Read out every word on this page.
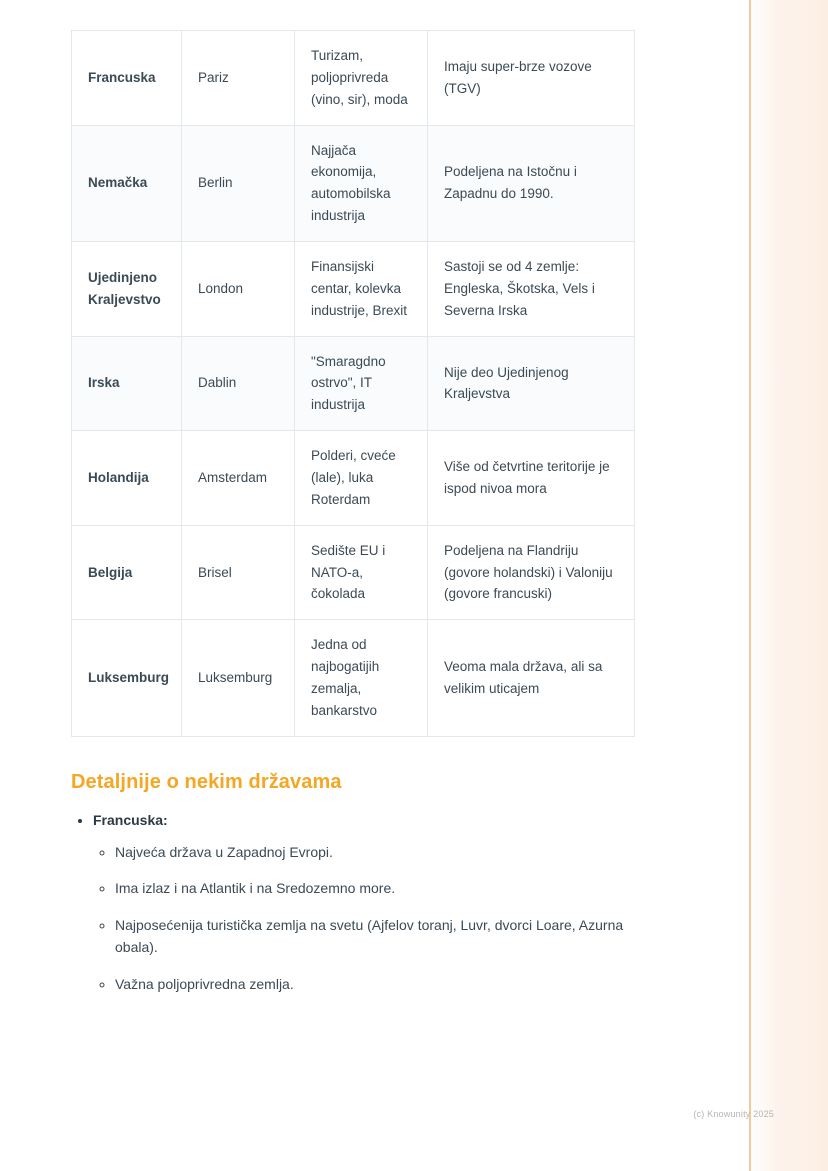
Francuska	Pariz	Turizam, poljoprivreda (vino, sir), moda	Imaju super-brze vozove (TGV)
Nemačka	Berlin	Najjača ekonomija, automobilska industrija	Podeljena na Istočnu i Zapadnu do 1990.
Ujedinjeno Kraljevstvo	London	Finansijski centar, kolevka industrije, Brexit	Sastoji se od 4 zemlje: Engleska, Škotska, Vels i Severna Irska
Irska	Dablin	"Smaragdno ostrvo", IT industrija	Nije deo Ujedinjenog Kraljevstva
Holandija	Amsterdam	Polderi, cveće (lale), luka Roterdam	Više od četvrtine teritorije je ispod nivoa mora
Belgija	Brisel	Sedište EU i NATO-a, čokolada	Podeljena na Flandriju (govore holandski) i Valoniju (govore francuski)
Luksemburg	Luksemburg	Jedna od najbogatijih zemalja, bankarstvo	Veoma mala država, ali sa velikim uticajem
Detaljnije o nekim državama
• Francuska:
◦ Najveća država u Zapadnoj Evropi.
◦ Ima izlaz i na Atlantik i na Sredozemno more.
◦ Najposećenija turistička zemlja na svetu (Ajfelov toranj, Luvr, dvorci Loare, Azurna obala).
◦ Važna poljoprivredna zemlja.
(c) Knowunity 2025
